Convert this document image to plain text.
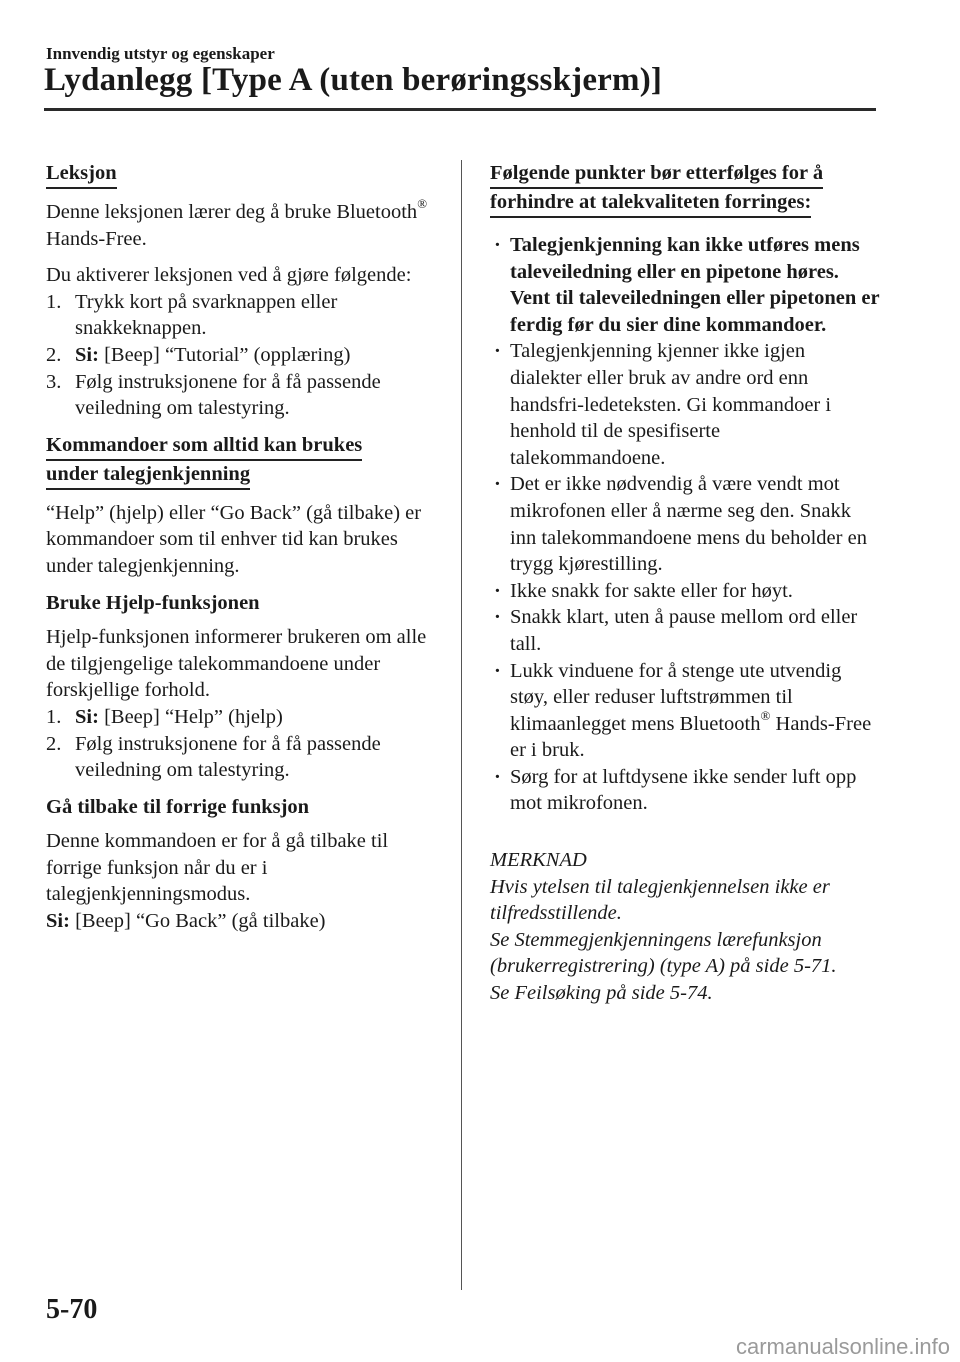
Innvendig utstyr og egenskaper
Lydanlegg [Type A (uten berøringsskjerm)]
Leksjon

Denne leksjonen lærer deg å bruke Bluetooth® Hands-Free.

Du aktiverer leksjonen ved å gjøre følgende:

1. Trykk kort på svarknappen eller snakkeknappen.
2. Si: [Beep] “Tutorial” (opplæring)
3. Følg instruksjonene for å få passende veiledning om talestyring.
Kommandoer som alltid kan brukes
under talegjenkjenning

“Help” (hjelp) eller “Go Back” (gå tilbake) er kommandoer som til enhver tid kan brukes under talegjenkjenning.

Bruke Hjelp-funksjonen

Hjelp-funksjonen informerer brukeren om alle de tilgjengelige talekommandoene under forskjellige forhold.

1. Si: [Beep] “Help” (hjelp)
2. Følg instruksjonene for å få passende veiledning om talestyring.
Gå tilbake til forrige funksjon

Denne kommandoen er for å gå tilbake til forrige funksjon når du er i talegjenkjenningsmodus.

Si: [Beep] “Go Back” (gå tilbake)

Følgende punkter bør etterfølges for å
forhindre at talekvaliteten forringes:
· Talegjenkjenning kan ikke utføres mens taleveiledning eller en pipetone høres. Vent til taleveiledningen eller pipetonen er ferdig før du sier dine kommandoer.
· Talegjenkjenning kjenner ikke igjen dialekter eller bruk av andre ord enn handsfri-ledeteksten. Gi kommandoer i henhold til de spesifiserte talekommandoene.
· Det er ikke nødvendig å være vendt mot mikrofonen eller å nærme seg den. Snakk inn talekommandoene mens du beholder en trygg kjørestilling.
· Ikke snakk for sakte eller for høyt.
· Snakk klart, uten å pause mellom ord eller tall.
· Lukk vinduene for å stenge ute utvendig støy, eller reduser luftstrømmen til klimaanlegget mens Bluetooth® Hands-Free er i bruk.
· Sørg for at luftdysene ikke sender luft opp mot mikrofonen.
MERKNAD
Hvis ytelsen til talegjenkjennelsen ikke er tilfredsstillende.
Se Stemmegjenkjenningens lærefunksjon (brukerregistrering) (type A) på side 5-71.
Se Feilsøking på side 5-74.
5-70
carmanualsonline.info
